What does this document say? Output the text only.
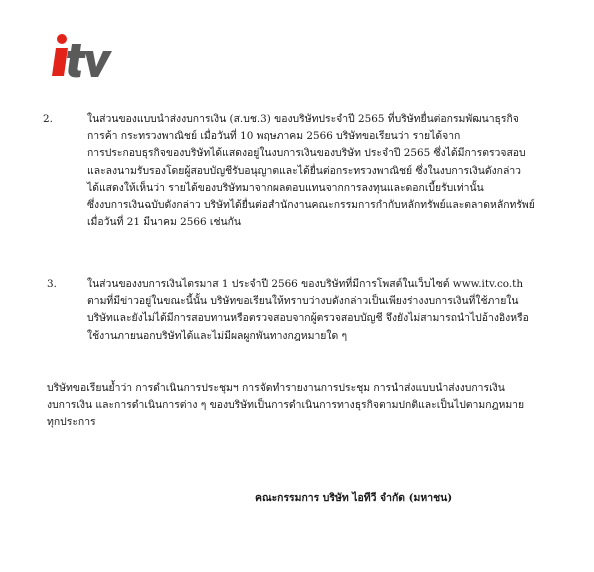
2.	ในส่วนของแบบนำส่งงบการเงิน (ส.บช.3) ของบริษัทประจำปี 2565 ที่บริษัทยื่นต่อกรมพัฒนาธุรกิจ
การค้า กระทรวงพาณิชย์ เมื่อวันที่ 10 พฤษภาคม 2566 บริษัทขอเรียนว่า รายได้จาก
การประกอบธุรกิจของบริษัทได้แสดงอยู่ในงบการเงินของบริษัท ประจำปี 2565 ซึ่งได้มีการตรวจสอบ
และลงนามรับรองโดยผู้สอบบัญชีรับอนุญาตและได้ยื่นต่อกระทรวงพาณิชย์ ซึ่งในงบการเงินดังกล่าว
ได้แสดงให้เห็นว่า รายได้ของบริษัทมาจากผลตอบแทนจากการลงทุนและดอกเบี้ยรับเท่านั้น
ซึ่งงบการเงินฉบับดังกล่าว บริษัทได้ยื่นต่อสำนักงานคณะกรรมการกำกับหลักทรัพย์และตลาดหลักทรัพย์
เมื่อวันที่ 21 มีนาคม 2566 เช่นกัน
3.	ในส่วนของงบการเงินไตรมาส 1 ประจำปี 2566 ของบริษัทที่มีการโพสต์ในเว็บไซต์ www.itv.co.th
ตามที่มีข่าวอยู่ในขณะนี้นั้น บริษัทขอเรียนให้ทราบว่างบดังกล่าวเป็นเพียงร่างงบการเงินที่ใช้ภายใน
บริษัทและยังไม่ได้มีการสอบทานหรือตรวจสอบจากผู้ตรวจสอบบัญชี จึงยังไม่สามารถนำไปอ้างอิงหรือ
ใช้งานภายนอกบริษัทได้และไม่มีผลผูกพันทางกฎหมายใด ๆ
บริษัทขอเรียนย้ำว่า การดำเนินการประชุมฯ การจัดทำรายงานการประชุม การนำส่งแบบนำส่งงบการเงิน
งบการเงิน และการดำเนินการต่าง ๆ ของบริษัทเป็นการดำเนินการทางธุรกิจตามปกติและเป็นไปตามกฎหมาย
ทุกประการ
คณะกรรมการ บริษัท ไอทีวี จำกัด (มหาชน)
